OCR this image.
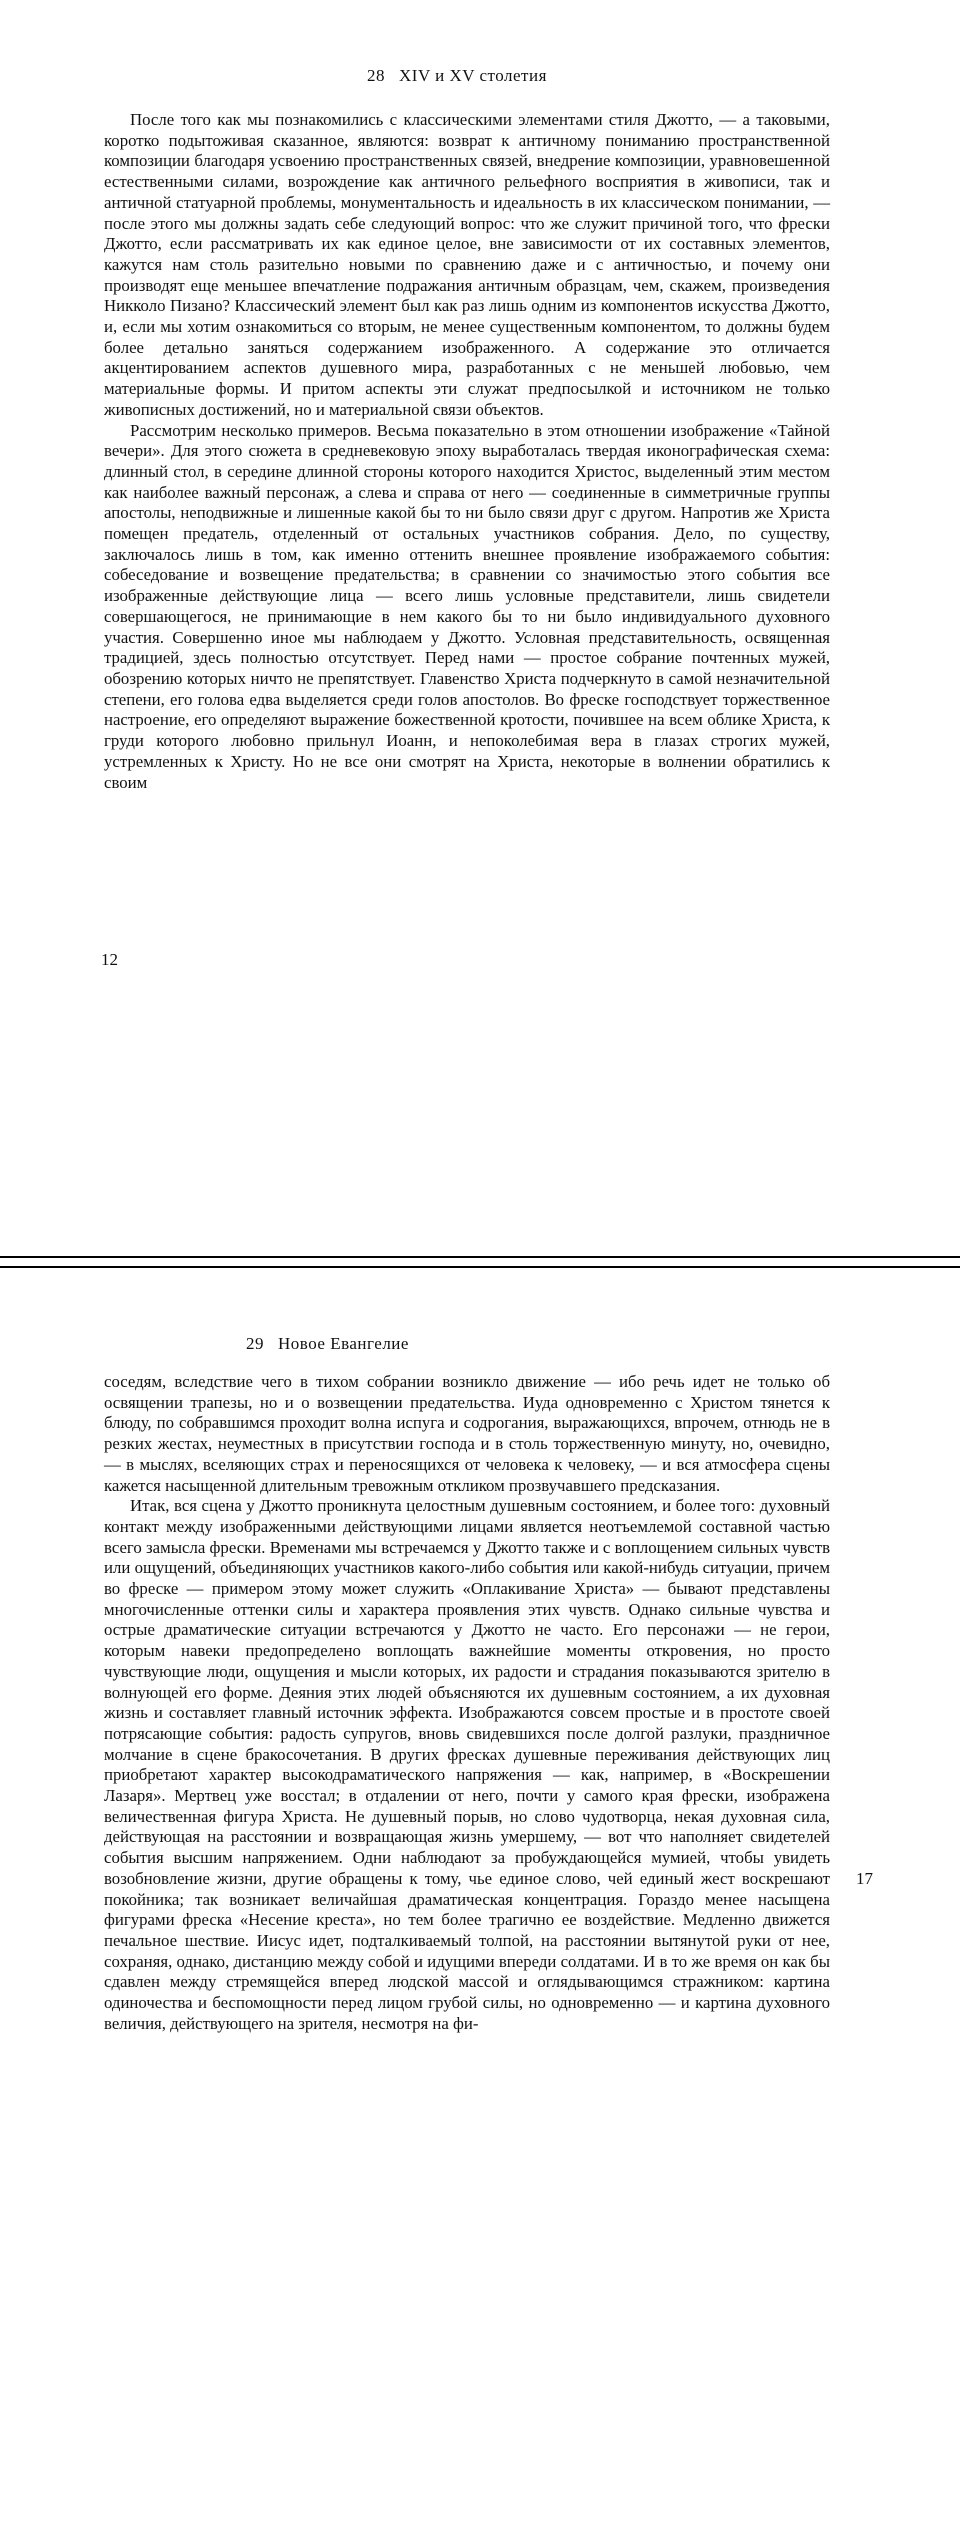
28 XIV и XV столетия

После того как мы познакомились с классическими элементами стиля Джотто, — а таковыми, коротко подытоживая сказанное, являются: возврат к античному пониманию пространственной композиции благодаря усвоению пространственных связей, внедрение композиции, уравновешенной естественными силами, возрождение как античного рельефного восприятия в живописи, так и античной статуарной проблемы, монументальность и идеальность в их классическом понимании, — после этого мы должны задать себе следующий вопрос: что же служит причиной того, что фрески Джотто, если рассматривать их как единое целое, вне зависимости от их составных элементов, кажутся нам столь разительно новыми по сравнению даже и с античностью, и почему они производят еще меньшее впечатление подражания античным образцам, чем, скажем, произведения Никколо Пизано? Классический элемент был как раз лишь одним из компонентов искусства Джотто, и, если мы хотим ознакомиться со вторым, не менее существенным компонентом, то должны будем более детально заняться содержанием изображенного. А содержание это отличается акцентированием аспектов душевного мира, разработанных с не меньшей любовью, чем материальные формы. И притом аспекты эти служат предпосылкой и источником не только живописных достижений, но и материальной связи объектов.

Рассмотрим несколько примеров. Весьма показательно в этом отношении изображение «Тайной вечери». Для этого сюжета в средневековую эпоху выработалась твердая иконографическая схема: длинный стол, в середине длинной стороны которого находится Христос, выделенный этим местом как наиболее важный персонаж, а слева и справа от него — соединенные в симметричные группы апостолы, неподвижные и лишенные какой бы то ни было связи друг с другом. Напротив же Христа помещен предатель, отделенный от остальных участников собрания. Дело, по существу, заключалось лишь в том, как именно оттенить внешнее проявление изображаемого события: собеседование и возвещение предательства; в сравнении со значимостью этого события все изображенные действующие лица — всего лишь условные представители, лишь свидетели совершающегося, не принимающие в нем какого бы то ни было индивидуального духовного участия. Совершенно иное мы наблюдаем у Джотто. Условная представительность, освященная традицией, здесь полностью отсутствует. Перед нами — простое собрание почтенных мужей, обозрению которых ничто не препятствует. Главенство Христа подчеркнуто в самой незначительной степени, его голова едва выделяется среди голов апостолов. Во фреске господствует торжественное настроение, его определяют выражение божественной кротости, почившее на всем облике Христа, к груди которого любовно прильнул Иоанн, и непоколебимая вера в глазах строгих мужей, устремленных к Христу. Но не все они смотрят на Христа, некоторые в волнении обратились к своим

12
29 Новое Евангелие

соседям, вследствие чего в тихом собрании возникло движение — ибо речь идет не только об освящении трапезы, но и о возвещении предательства. Иуда одновременно с Христом тянется к блюду, по собравшимся проходит волна испуга и содрогания, выражающихся, впрочем, отнюдь не в резких жестах, неуместных в присутствии господа и в столь торжественную минуту, но, очевидно, — в мыслях, вселяющих страх и переносящихся от человека к человеку, — и вся атмосфера сцены кажется насыщенной длительным тревожным откликом прозвучавшего предсказания.

Итак, вся сцена у Джотто проникнута целостным душевным состоянием, и более того: духовный контакт между изображенными действующими лицами является неотъемлемой составной частью всего замысла фрески. Временами мы встречаемся у Джотто также и с воплощением сильных чувств или ощущений, объединяющих участников какого-либо события или какой-нибудь ситуации, причем во фреске — примером этому может служить «Оплакивание Христа» — бывают представлены многочисленные оттенки силы и характера проявления этих чувств. Однако сильные чувства и острые драматические ситуации встречаются у Джотто не часто. Его персонажи — не герои, которым навеки предопределено воплощать важнейшие моменты откровения, но просто чувствующие люди, ощущения и мысли которых, их радости и страдания показываются зрителю в волнующей его форме. Деяния этих людей объясняются их душевным состоянием, а их духовная жизнь и составляет главный источник эффекта. Изображаются совсем простые и в простоте своей потрясающие события: радость супругов, вновь свидевшихся после долгой разлуки, праздничное молчание в сцене бракосочетания. В других фресках душевные переживания действующих лиц приобретают характер высокодраматического напряжения — как, например, в «Воскрешении Лазаря». Мертвец уже восстал; в отдалении от него, почти у самого края фрески, изображена величественная фигура Христа. Не душевный порыв, но слово чудотворца, некая духовная сила, действующая на расстоянии и возвращающая жизнь умершему, — вот что наполняет свидетелей события высшим напряжением. Одни наблюдают за пробуждающейся мумией, чтобы увидеть возобновление жизни, другие обращены к тому, чье единое слово, чей единый жест воскрешают покойника; так возникает величайшая драматическая концентрация. Гораздо менее насыщена фигурами фреска «Несение креста», но тем более трагично ее воздействие. Медленно движется печальное шествие. Иисус идет, подталкиваемый толпой, на расстоянии вытянутой руки от нее, сохраняя, однако, дистанцию между собой и идущими впереди солдатами. И в то же время он как бы сдавлен между стремящейся вперед людской массой и оглядывающимся стражником: картина одиночества и беспомощности перед лицом грубой силы, но одновременно — и картина духовного величия, действующего на зрителя, несмотря на фи-

17
